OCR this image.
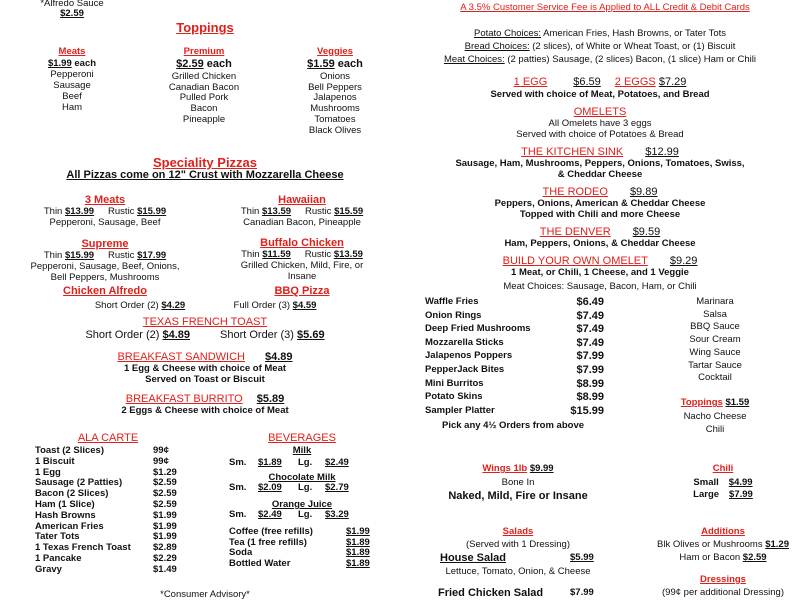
*Alfredo Sauce
$2.59
Toppings
Meats
$1.99 each
Pepperoni
Sausage
Beef
Ham
Premium
$2.59 each
Grilled Chicken
Canadian Bacon
Pulled Pork
Bacon
Pineapple
Veggies
$1.59 each
Onions
Bell Peppers
Jalapenos
Mushrooms
Tomatoes
Black Olives
Speciality Pizzas
All Pizzas come on 12" Crust with Mozzarella Cheese
3 Meats
Thin $13.99 Rustic $15.99
Pepperoni, Sausage, Beef
Supreme
Thin $15.99 Rustic $17.99
Pepperoni, Sausage, Beef, Onions,
Bell Peppers, Mushrooms
Hawaiian
Thin $13.59 Rustic $15.59
Canadian Bacon, Pineapple
Buffalo Chicken
Thin $11.59 Rustic $13.59
Grilled Chicken, Mild, Fire, or
Insane
Chicken Alfredo	BBQ Pizza
Short Order (2) $4.29	Full Order (3) $4.59
TEXAS FRENCH TOAST
Short Order (2) $4.89	Short Order (3) $5.69
BREAKFAST SANDWICH $4.89
1 Egg & Cheese with choice of Meat
Served on Toast or Biscuit
BREAKFAST BURRITO $5.89
2 Eggs & Cheese with choice of Meat
ALA CARTE
Toast (2 Slices)	99¢
1 Biscuit	99¢
1 Egg	$1.29
Sausage (2 Patties)	$2.59
Bacon (2 Slices)	$2.59
Ham (1 Slice)	$2.59
Hash Browns	$1.99
American Fries	$1.99
Tater Tots	$1.99
1 Texas French Toast $2.89
1 Pancake	$2.29
Gravy	$1.49
BEVERAGES
Milk
Sm. $1.89 Lg. $2.49
Chocolate Milk
Sm. $2.09 Lg. $2.79
Orange Juice
Sm. $2.49 Lg. $3.29
Coffee (free refills)	$1.99
Tea (1 free refills)	$1.89
Soda	$1.89
Bottled Water	$1.89
*Consumer Advisory*
A 3.5% Customer Service Fee is Applied to ALL Credit & Debit Cards
Potato Choices: American Fries, Hash Browns, or Tater Tots
Bread Choices: (2 slices), of White or Wheat Toast, or (1) Biscuit
Meat Choices: (2 patties) Sausage, (2 slices) Bacon, (1 slice) Ham or Chili
1 EGG $6.59 2 EGGS $7.29
Served with choice of Meat, Potatoes, and Bread
OMELETS
All Omelets have 3 eggs
Served with choice of Potatoes & Bread
THE KITCHEN SINK $12.99
Sausage, Ham, Mushrooms, Peppers, Onions, Tomatoes, Swiss,
& Cheddar Cheese
THE RODEO $9.89
Peppers, Onions, American & Cheddar Cheese
Topped with Chili and more Cheese
THE DENVER $9.59
Ham, Peppers, Onions, & Cheddar Cheese
BUILD YOUR OWN OMELET $9.29
1 Meat, or Chili, 1 Cheese, and 1 Veggie
Meat Choices: Sausage, Bacon, Ham, or Chili
Waffle Fries	$6.49
Onion Rings	$7.49
Deep Fried Mushrooms	$7.49
Mozzarella Sticks	$7.49
Jalapenos Poppers	$7.99
PepperJack Bites	$7.99
Mini Burritos	$8.99
Potato Skins	$8.99
Sampler Platter	$15.99
Pick any 4½ Orders from above
Marinara
Salsa
BBQ Sauce
Sour Cream
Wing Sauce
Tartar Sauce
Cocktail
Toppings $1.59
Nacho Cheese
Chili
Wings 1lb $9.99
Bone In
Naked, Mild, Fire or Insane
Chili
Small $4.99
Large $7.99
Salads
(Served with 1 Dressing)
House Salad	$5.99
Lettuce, Tomato, Onion, & Cheese
Fried Chicken Salad	$7.99
Additions
Blk Olives or Mushrooms $1.29
Ham or Bacon $2.59
Dressings
(99¢ per additional Dressing)
